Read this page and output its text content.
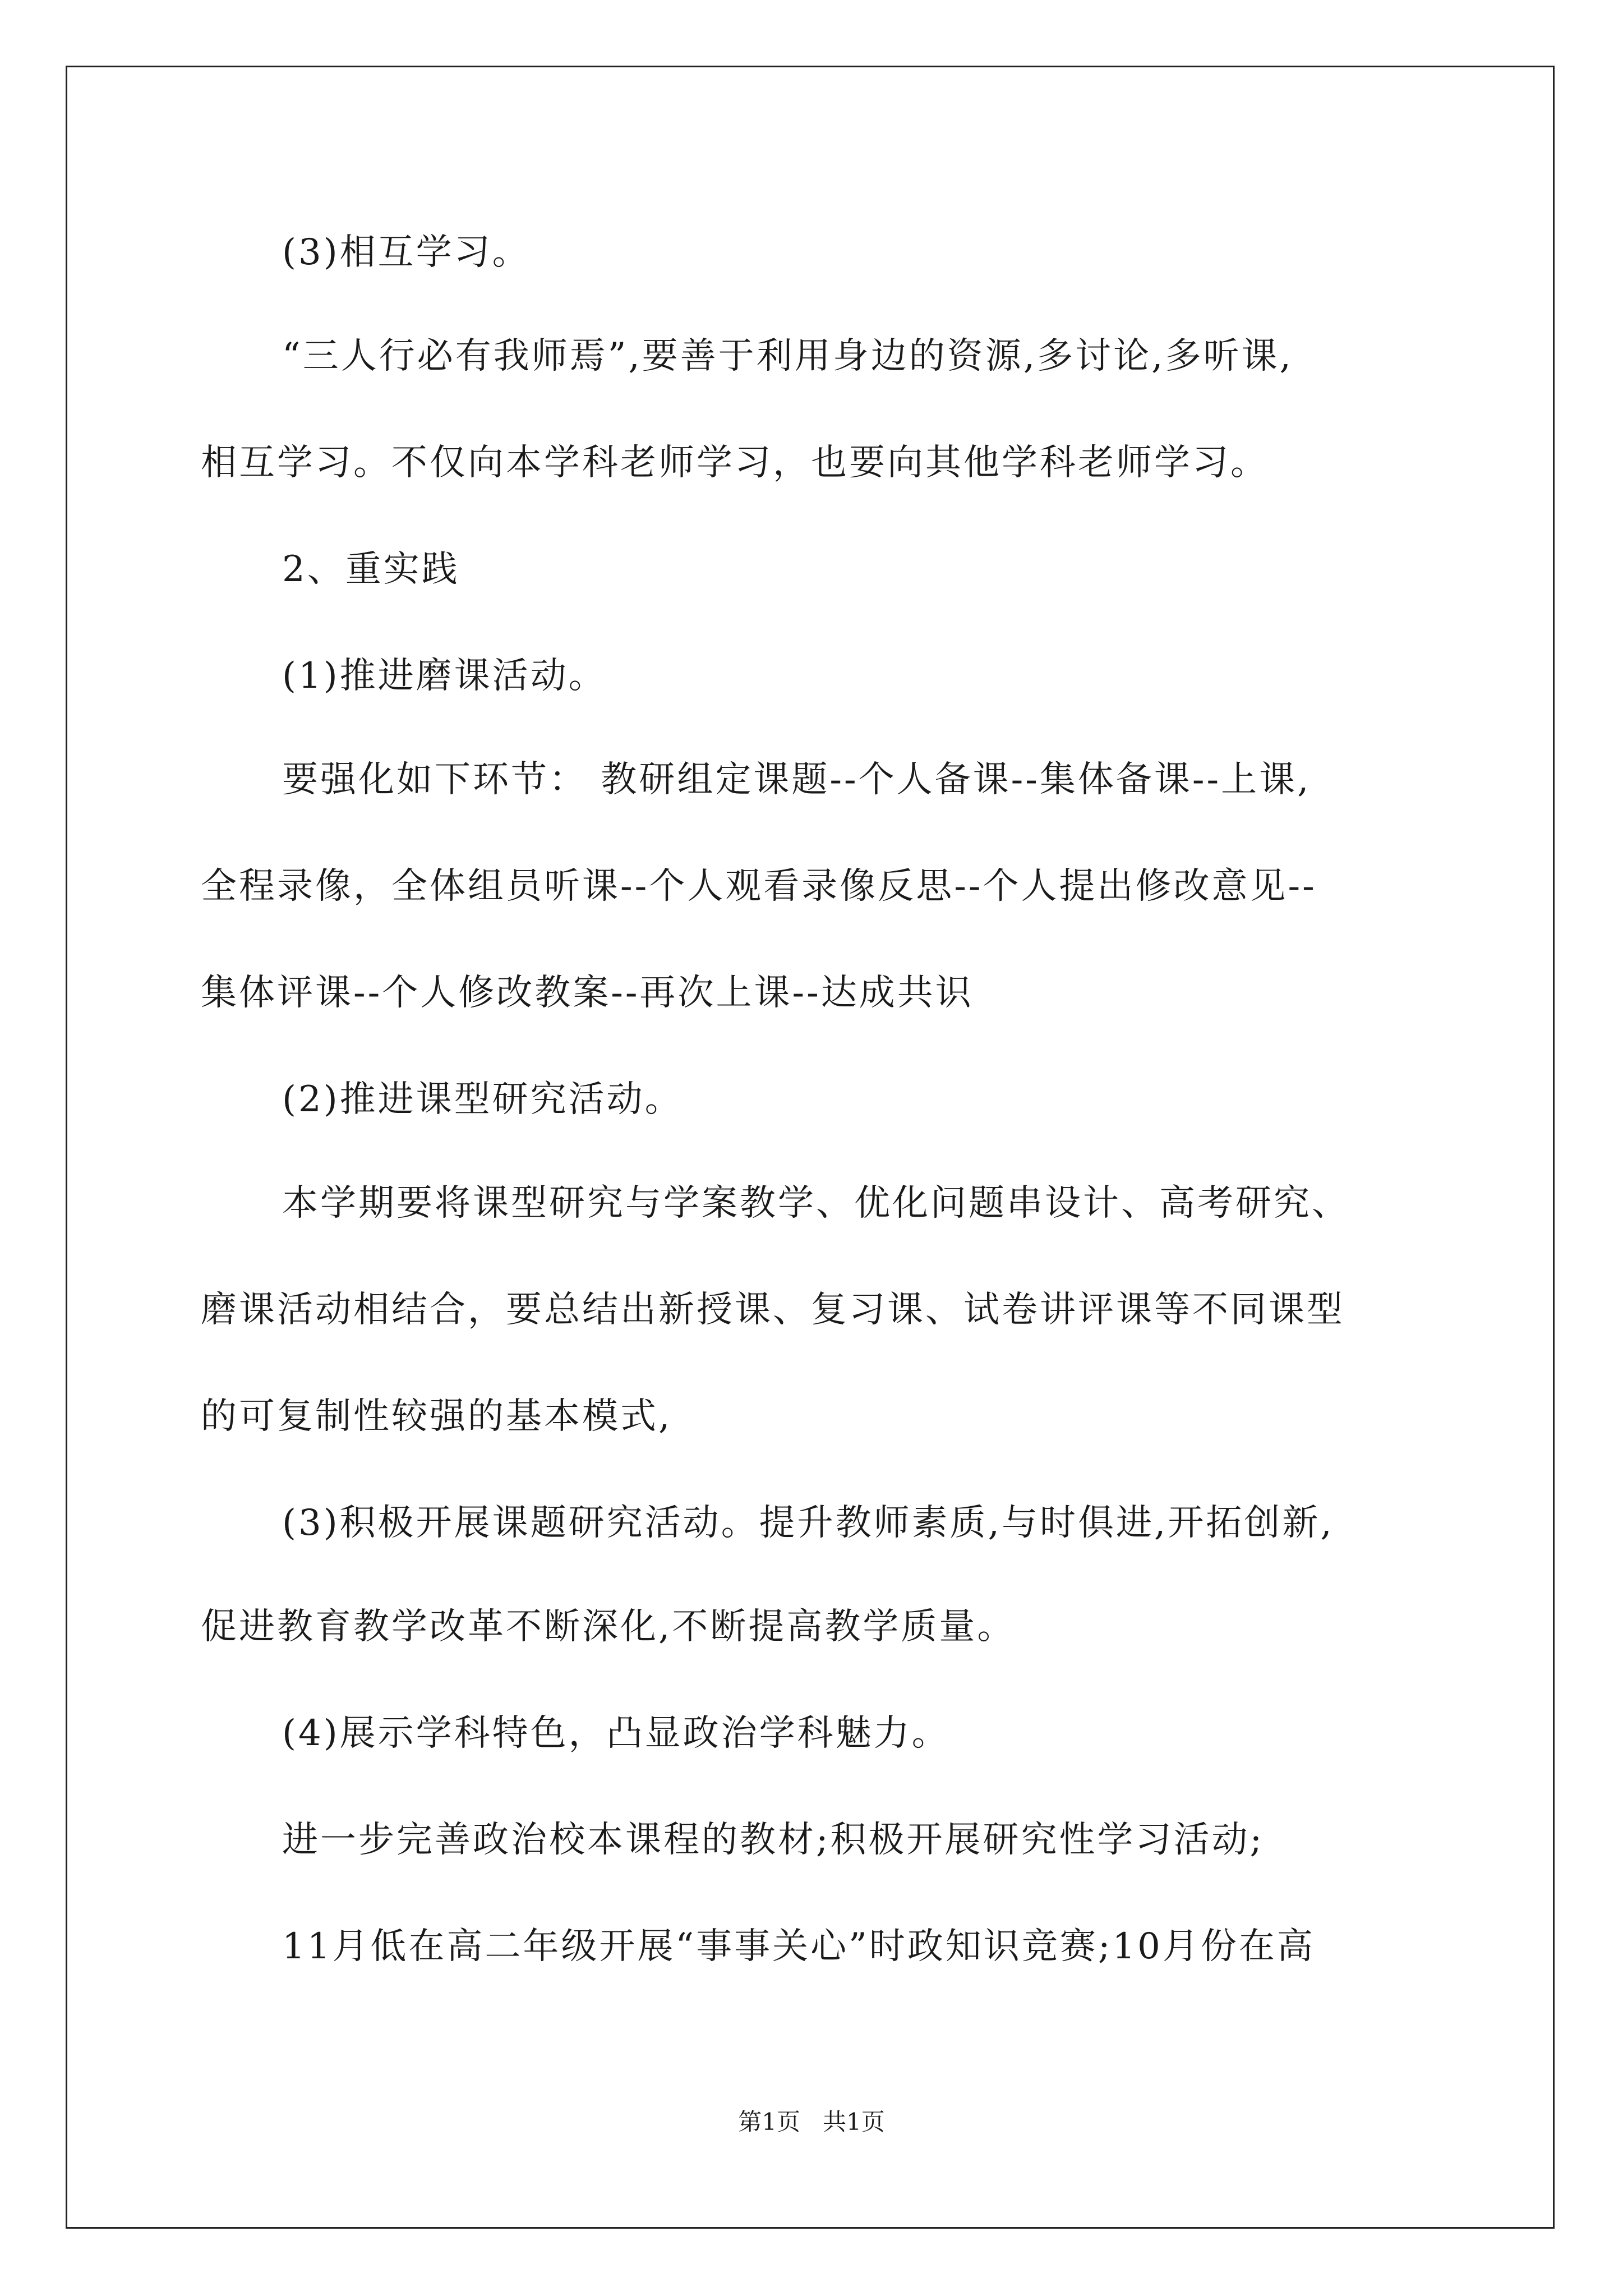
(3)相互学习。
“三人行必有我师焉”,要善于利用身边的资源,多讨论,多听课,
相互学习。不仅向本学科老师学习，也要向其他学科老师学习。
2、重实践
(1)推进磨课活动。
要强化如下环节： 教研组定课题--个人备课--集体备课--上课,
全程录像，全体组员听课--个人观看录像反思--个人提出修改意见--
集体评课--个人修改教案--再次上课--达成共识
(2)推进课型研究活动。
本学期要将课型研究与学案教学、优化问题串设计、高考研究、
磨课活动相结合，要总结出新授课、复习课、试卷讲评课等不同课型
的可复制性较强的基本模式,
(3)积极开展课题研究活动。提升教师素质,与时俱进,开拓创新,
促进教育教学改革不断深化,不断提高教学质量。
(4)展示学科特色，凸显政治学科魅力。
进一步完善政治校本课程的教材;积极开展研究性学习活动;
11月低在高二年级开展“事事关心”时政知识竞赛;10月份在高
第1页   共1页
